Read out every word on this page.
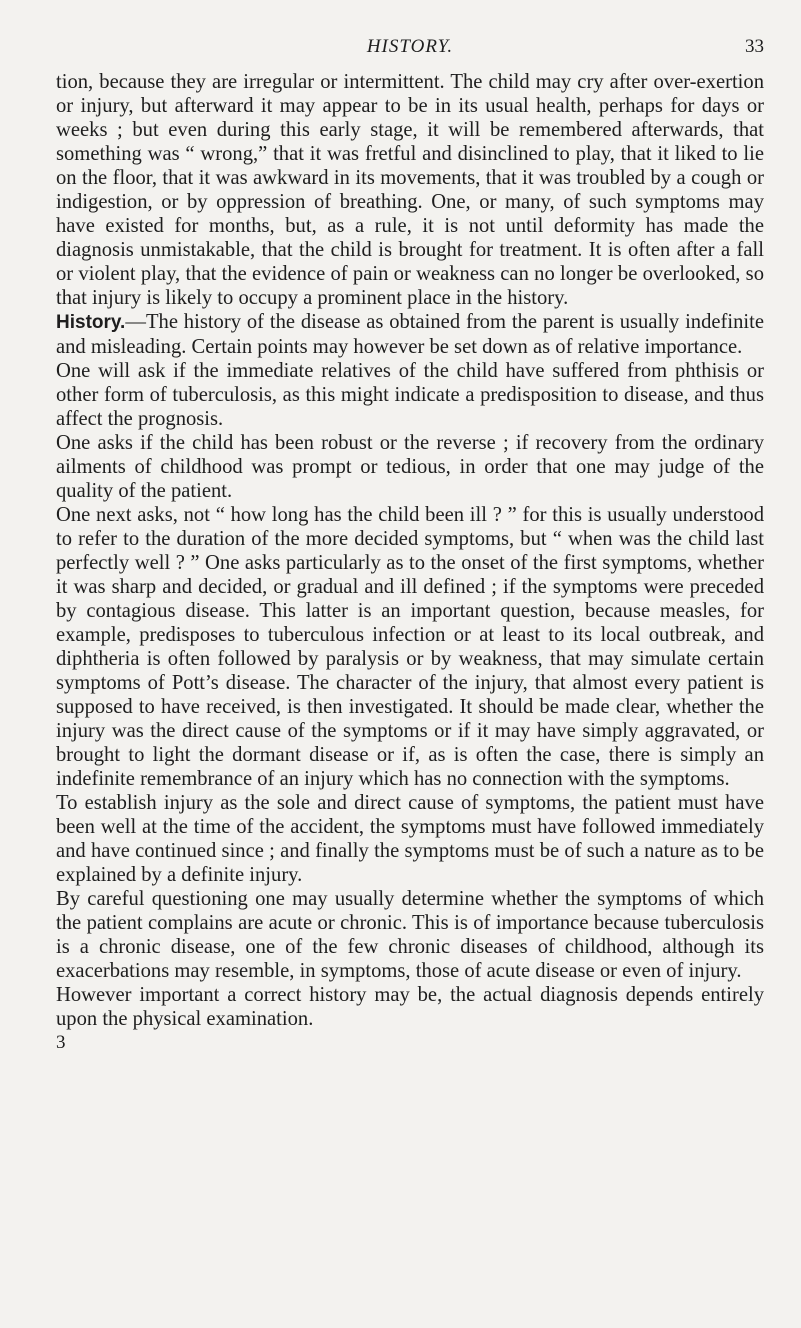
HISTORY.	33

tion, because they are irregular or intermittent. The child may cry after over-exertion or injury, but afterward it may appear to be in its usual health, perhaps for days or weeks ; but even during this early stage, it will be remembered afterwards, that something was “ wrong,” that it was fretful and disinclined to play, that it liked to lie on the floor, that it was awkward in its movements, that it was troubled by a cough or indigestion, or by oppression of breathing. One, or many, of such symptoms may have existed for months, but, as a rule, it is not until deformity has made the diagnosis unmistakable, that the child is brought for treatment. It is often after a fall or violent play, that the evidence of pain or weakness can no longer be overlooked, so that injury is likely to occupy a prominent place in the history.

History.—The history of the disease as obtained from the parent is usually indefinite and misleading. Certain points may however be set down as of relative importance.

One will ask if the immediate relatives of the child have suffered from phthisis or other form of tuberculosis, as this might indicate a predisposition to disease, and thus affect the prognosis.

One asks if the child has been robust or the reverse ; if recovery from the ordinary ailments of childhood was prompt or tedious, in order that one may judge of the quality of the patient.

One next asks, not “ how long has the child been ill ? ” for this is usually understood to refer to the duration of the more decided symptoms, but “ when was the child last perfectly well ? ” One asks particularly as to the onset of the first symptoms, whether it was sharp and decided, or gradual and ill defined ; if the symptoms were preceded by contagious disease. This latter is an important question, because measles, for example, predisposes to tuberculous infection or at least to its local outbreak, and diphtheria is often followed by paralysis or by weakness, that may simulate certain symptoms of Pott’s disease. The character of the injury, that almost every patient is supposed to have received, is then investigated. It should be made clear, whether the injury was the direct cause of the symptoms or if it may have simply aggravated, or brought to light the dormant disease or if, as is often the case, there is simply an indefinite remembrance of an injury which has no connection with the symptoms.

To establish injury as the sole and direct cause of symptoms, the patient must have been well at the time of the accident, the symptoms must have followed immediately and have continued since ; and finally the symptoms must be of such a nature as to be explained by a definite injury.

By careful questioning one may usually determine whether the symptoms of which the patient complains are acute or chronic. This is of importance because tuberculosis is a chronic disease, one of the few chronic diseases of childhood, although its exacerbations may resemble, in symptoms, those of acute disease or even of injury.

However important a correct history may be, the actual diagnosis depends entirely upon the physical examination.

3
